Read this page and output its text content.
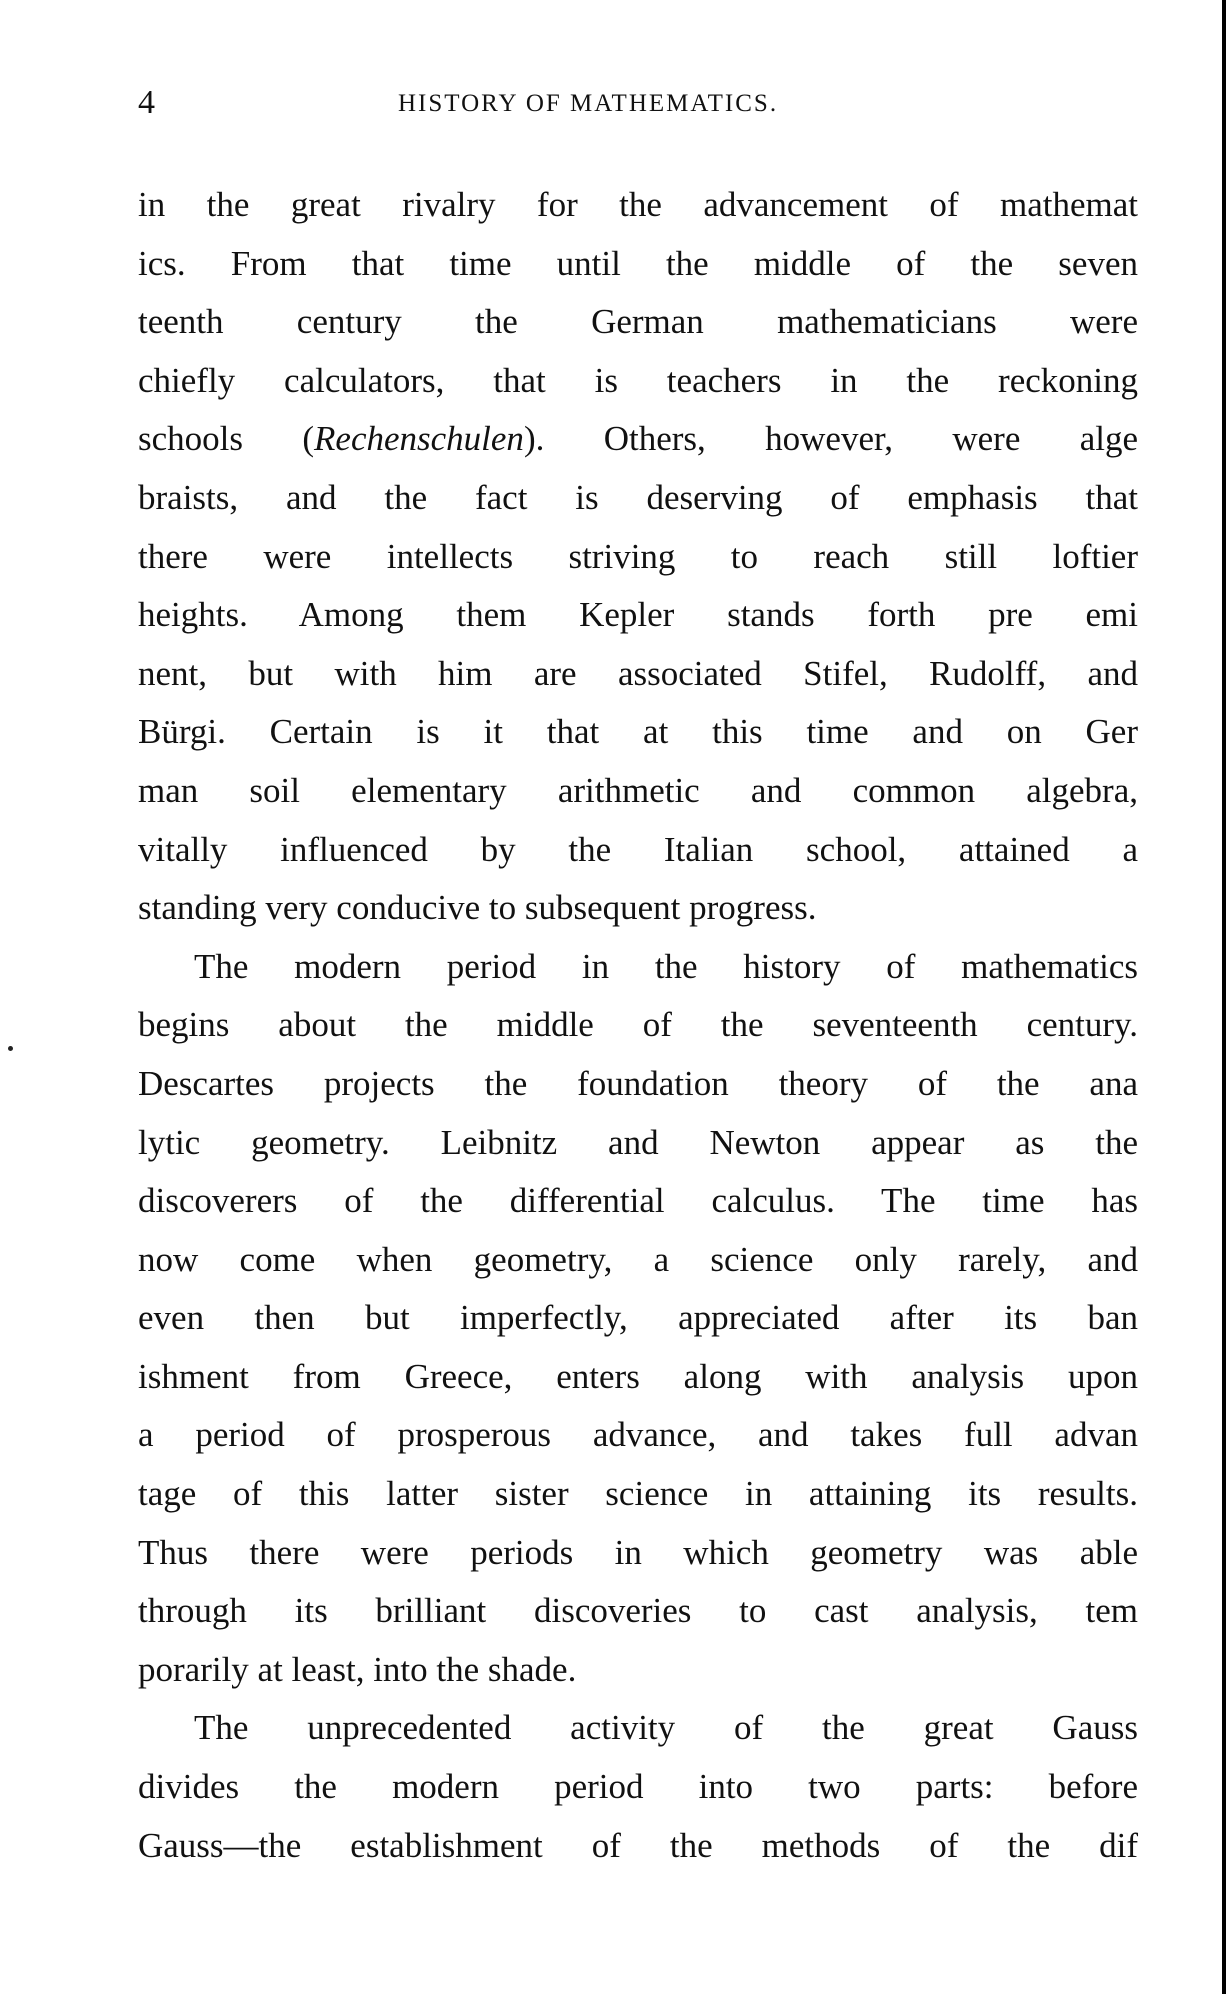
4	HISTORY OF MATHEMATICS.
in the great rivalry for the advancement of mathemat
ics. From that time until the middle of the seven
teenth century the German mathematicians were
chiefly calculators, that is teachers in the reckoning
schools (Rechenschulen). Others, however, were alge
braists, and the fact is deserving of emphasis that
there were intellects striving to reach still loftier
heights. Among them Kepler stands forth pre emi
nent, but with him are associated Stifel, Rudolff, and
Bürgi. Certain is it that at this time and on Ger
man soil elementary arithmetic and common algebra,
vitally influenced by the Italian school, attained a
standing very conducive to subsequent progress.
The modern period in the history of mathematics
begins about the middle of the seventeenth century.
Descartes projects the foundation theory of the ana
lytic geometry. Leibnitz and Newton appear as the
discoverers of the differential calculus. The time has
now come when geometry, a science only rarely, and
even then but imperfectly, appreciated after its ban
ishment from Greece, enters along with analysis upon
a period of prosperous advance, and takes full advan
tage of this latter sister science in attaining its results.
Thus there were periods in which geometry was able
through its brilliant discoveries to cast analysis, tem
porarily at least, into the shade.
The unprecedented activity of the great Gauss
divides the modern period into two parts: before
Gauss—the establishment of the methods of the dif
